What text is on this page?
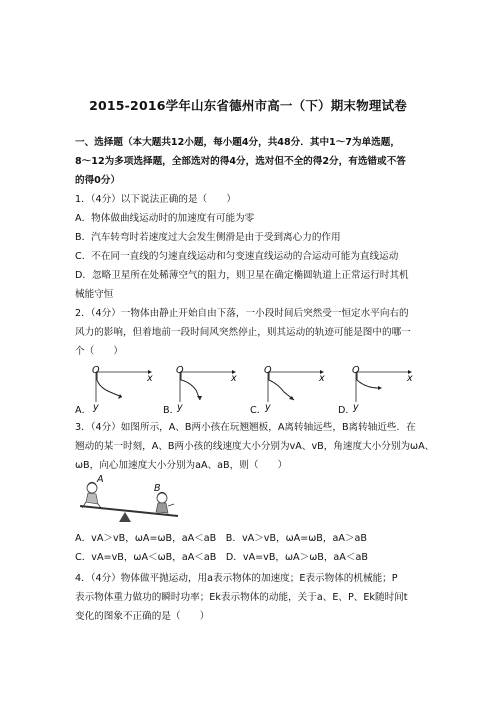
2015-2016学年山东省德州市高一（下）期末物理试卷
一、选择题（本大题共12小题，每小题4分，共48分．其中1〜7为单选题，
8〜12为多项选择题，全部选对的得4分，选对但不全的得2分，有选错或不答
的得0分）
1．（4分）以下说法正确的是（　　）
A．物体做曲线运动时的加速度有可能为零
B．汽车转弯时若速度过大会发生侧滑是由于受到离心力的作用
C．不在同一直线的匀速直线运动和匀变速直线运动的合运动可能为直线运动
D．忽略卫星所在处稀薄空气的阻力，则卫星在确定椭圆轨道上正常运行时其机
械能守恒
2．（4分）一物体由静止开始自由下落，一小段时间后突然受一恒定水平向右的
风力的影响，但着地前一段时间风突然停止，则其运动的轨迹可能是图中的哪一
个（　　）
O
x
O
x
O
x
O
x
A． y	B．
y	C．
y	D．
y
3．（4分）如图所示，A、B两小孩在玩翘翘板，A离转轴远些，B离转轴近些．在
翘动的某一时刻，A、B两小孩的线速度大小分别为vA、vB，角速度大小分别为ωA、
ωB，向心加速度大小分别为aA、aB，则（　　）
A
B
A．vA＞vB，ωA=ωB，aA＜aB　B．vA＞vB，ωA=ωB，aA＞aB
C．vA=vB，ωA＜ωB，aA＜aB　D．vA=vB，ωA＞ωB，aA＜aB
4．（4分）物体做平抛运动，用a表示物体的加速度；E表示物体的机械能；P
表示物体重力做功的瞬时功率；Ek表示物体的动能，关于a、E、P、Ek随时间t
变化的图象不正确的是（　　）
